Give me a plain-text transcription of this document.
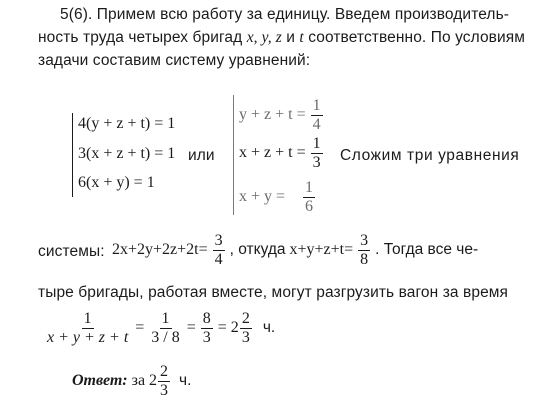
5(6). Примем всю работу за единицу. Введем производитель-
ность труда четырех бригад x, y, z и t соответственно. По условиям
задачи составим систему уравнений:
4(y + z + t) = 1
3(x + z + t) = 1
6(x + y) = 1
или
$y + z + t = \frac{1}{4}$
$x + z + t = \frac{1}{3}$
$x + y = \frac{1}{6}$
Сложим три уравнения
системы: $2x+2y+2z+2t= \frac{3}{4}$ , откуда $x+y+z+t= \frac{3}{8}$ . Тогда все че-
тыре бригады, работая вместе, могут разгрузить вагон за время
$\frac{1}{x + y + z + t} = \frac{1}{3 / 8} = \frac{8}{3} = 2 \frac{2}{3} ч$.
Ответ: за $2 \frac{2}{3} ч$.
